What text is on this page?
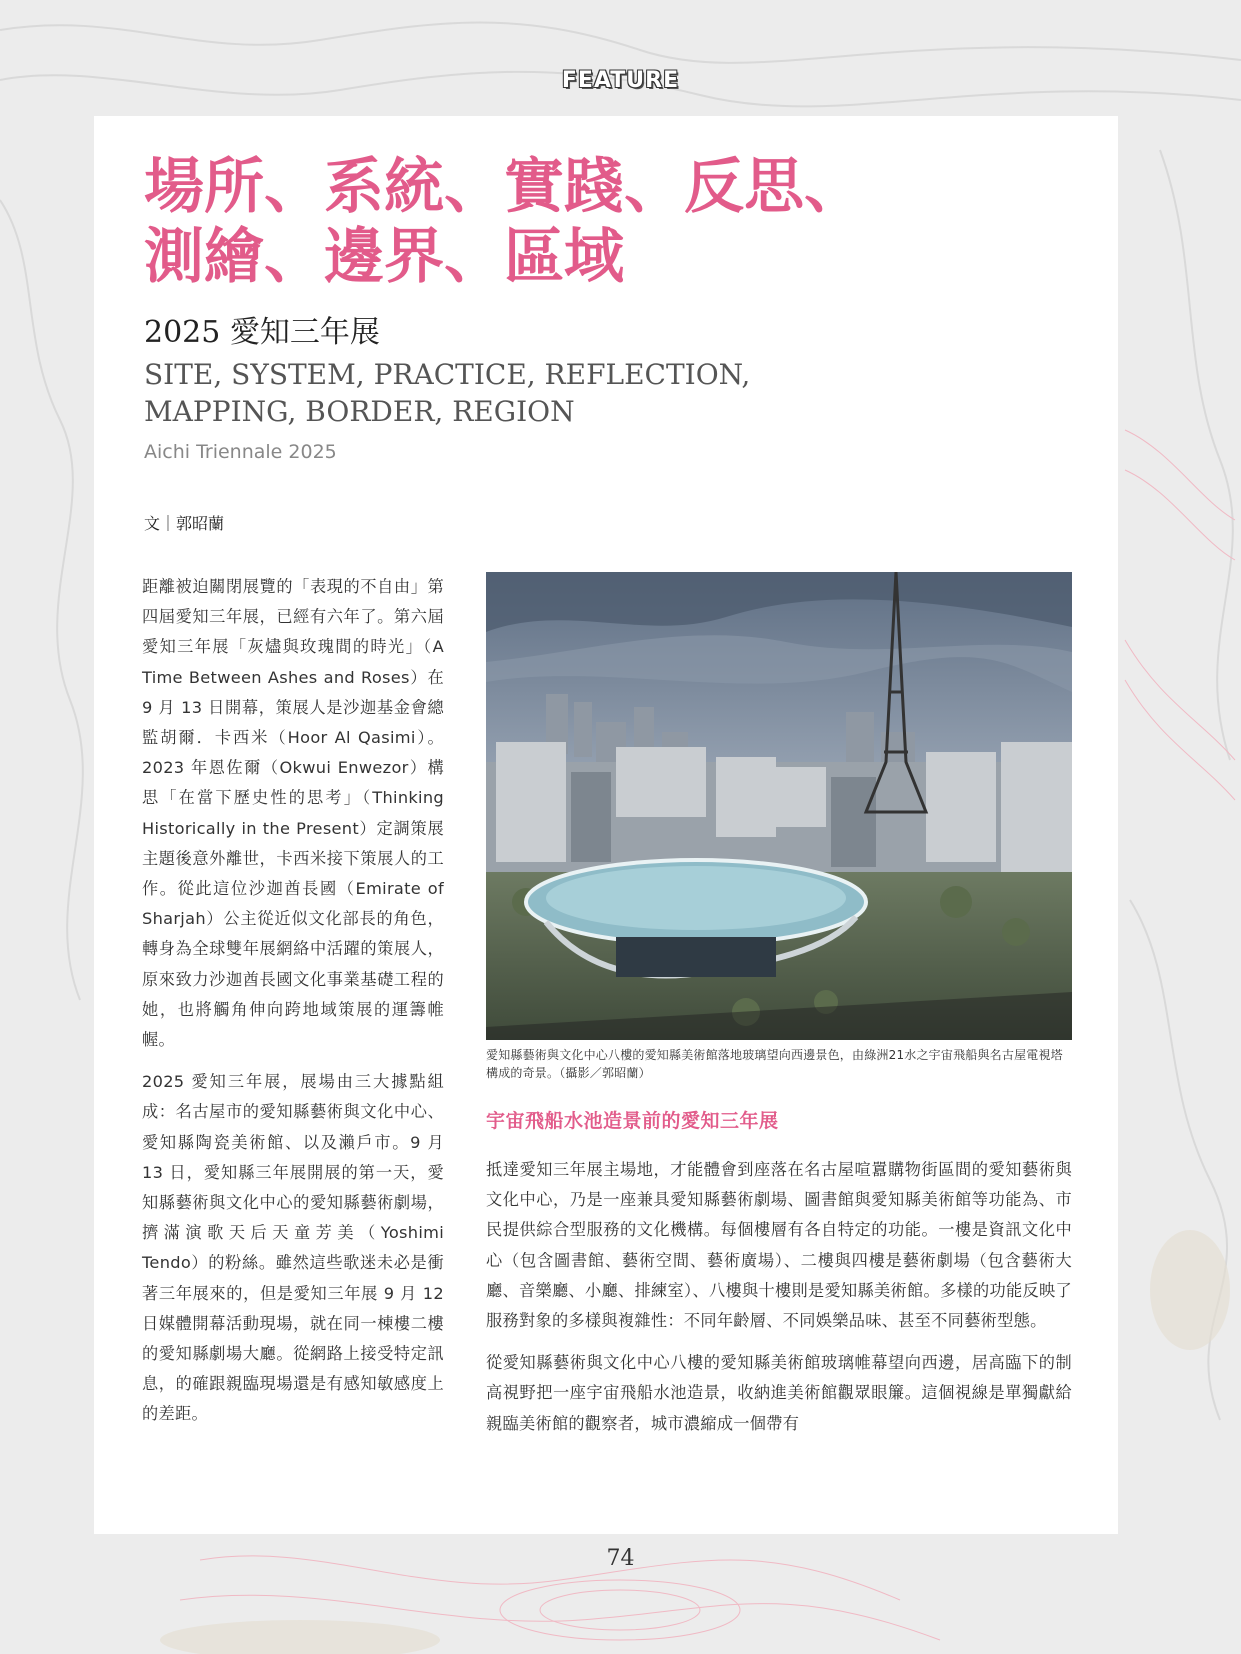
FEATURE
場所、系統、實踐、反思、
測繪、邊界、區域
2025 愛知三年展
SITE, SYSTEM, PRACTICE, REFLECTION,
MAPPING, BORDER, REGION
Aichi Triennale 2025
文｜郭昭蘭

距離被迫關閉展覽的「表現的不自由」第四屆愛知三年展，已經有六年了。第六屆愛知三年展「灰燼與玫瑰間的時光」（A Time Between Ashes and Roses）在 9 月 13 日開幕，策展人是沙迦基金會總監胡爾．卡西米（Hoor Al Qasimi）。2023 年恩佐爾（Okwui Enwezor）構思「在當下歷史性的思考」（Thinking Historically in the Present）定調策展主題後意外離世，卡西米接下策展人的工作。從此這位沙迦酋長國（Emirate of Sharjah）公主從近似文化部長的角色，轉身為全球雙年展網絡中活躍的策展人，原來致力沙迦酋長國文化事業基礎工程的她，也將觸角伸向跨地域策展的運籌帷幄。

2025 愛知三年展，展場由三大據點組成：名古屋市的愛知縣藝術與文化中心、愛知縣陶瓷美術館、以及瀨戶市。9 月 13 日，愛知縣三年展開展的第一天，愛知縣藝術與文化中心的愛知縣藝術劇場，擠滿演歌天后天童芳美（Yoshimi Tendo）的粉絲。雖然這些歌迷未必是衝著三年展來的，但是愛知三年展 9 月 12 日媒體開幕活動現場，就在同一棟樓二樓的愛知縣劇場大廳。從網路上接受特定訊息，的確跟親臨現場還是有感知敏感度上的差距。

愛知縣藝術與文化中心八樓的愛知縣美術館落地玻璃望向西邊景色，由綠洲21水之宇宙飛船與名古屋電視塔構成的奇景。（攝影／郭昭蘭）

宇宙飛船水池造景前的愛知三年展

抵達愛知三年展主場地，才能體會到座落在名古屋喧囂購物街區間的愛知藝術與文化中心，乃是一座兼具愛知縣藝術劇場、圖書館與愛知縣美術館等功能為、市民提供綜合型服務的文化機構。每個樓層有各自特定的功能。一樓是資訊文化中心（包含圖書館、藝術空間、藝術廣場）、二樓與四樓是藝術劇場（包含藝術大廳、音樂廳、小廳、排練室）、八樓與十樓則是愛知縣美術館。多樣的功能反映了服務對象的多樣與複雜性：不同年齡層、不同娛樂品味、甚至不同藝術型態。

從愛知縣藝術與文化中心八樓的愛知縣美術館玻璃帷幕望向西邊，居高臨下的制高視野把一座宇宙飛船水池造景，收納進美術館觀眾眼簾。這個視線是單獨獻給親臨美術館的觀察者，城市濃縮成一個帶有

74
